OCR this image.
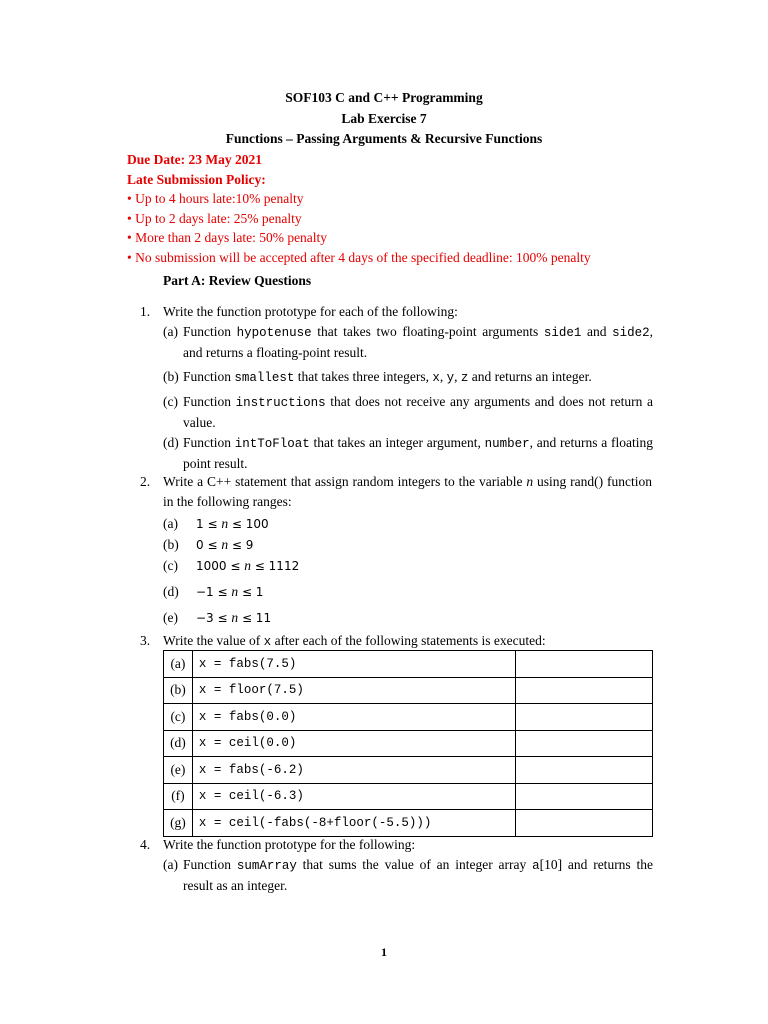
SOF103 C and C++ Programming
Lab Exercise 7
Functions – Passing Arguments & Recursive Functions
Due Date: 23 May 2021
Late Submission Policy:
• Up to 4 hours late:10% penalty
• Up to 2 days late: 25% penalty
• More than 2 days late: 50% penalty
• No submission will be accepted after 4 days of the specified deadline: 100% penalty
Part A: Review Questions
1. Write the function prototype for each of the following:
(a) Function hypotenuse that takes two floating-point arguments side1 and side2, and returns a floating-point result.
(b) Function smallest that takes three integers, x, y, z and returns an integer.
(c) Function instructions that does not receive any arguments and does not return a value.
(d) Function intToFloat that takes an integer argument, number, and returns a floating point result.
2. Write a C++ statement that assign random integers to the variable n using rand() function in the following ranges:
(a) 1 ≤ n ≤ 100
(b) 0 ≤ n ≤ 9
(c) 1000 ≤ n ≤ 1112
(d) −1 ≤ n ≤ 1
(e) −3 ≤ n ≤ 11
3. Write the value of x after each of the following statements is executed:
(a)	x = fabs(7.5)	
(b)	x = floor(7.5)	
(c)	x = fabs(0.0)	
(d)	x = ceil(0.0)	
(e)	x = fabs(-6.2)	
(f)	x = ceil(-6.3)	
(g)	x = ceil(-fabs(-8+floor(-5.5)))	
4. Write the function prototype for the following:
(a) Function sumArray that sums the value of an integer array a[10] and returns the result as an integer.
1
